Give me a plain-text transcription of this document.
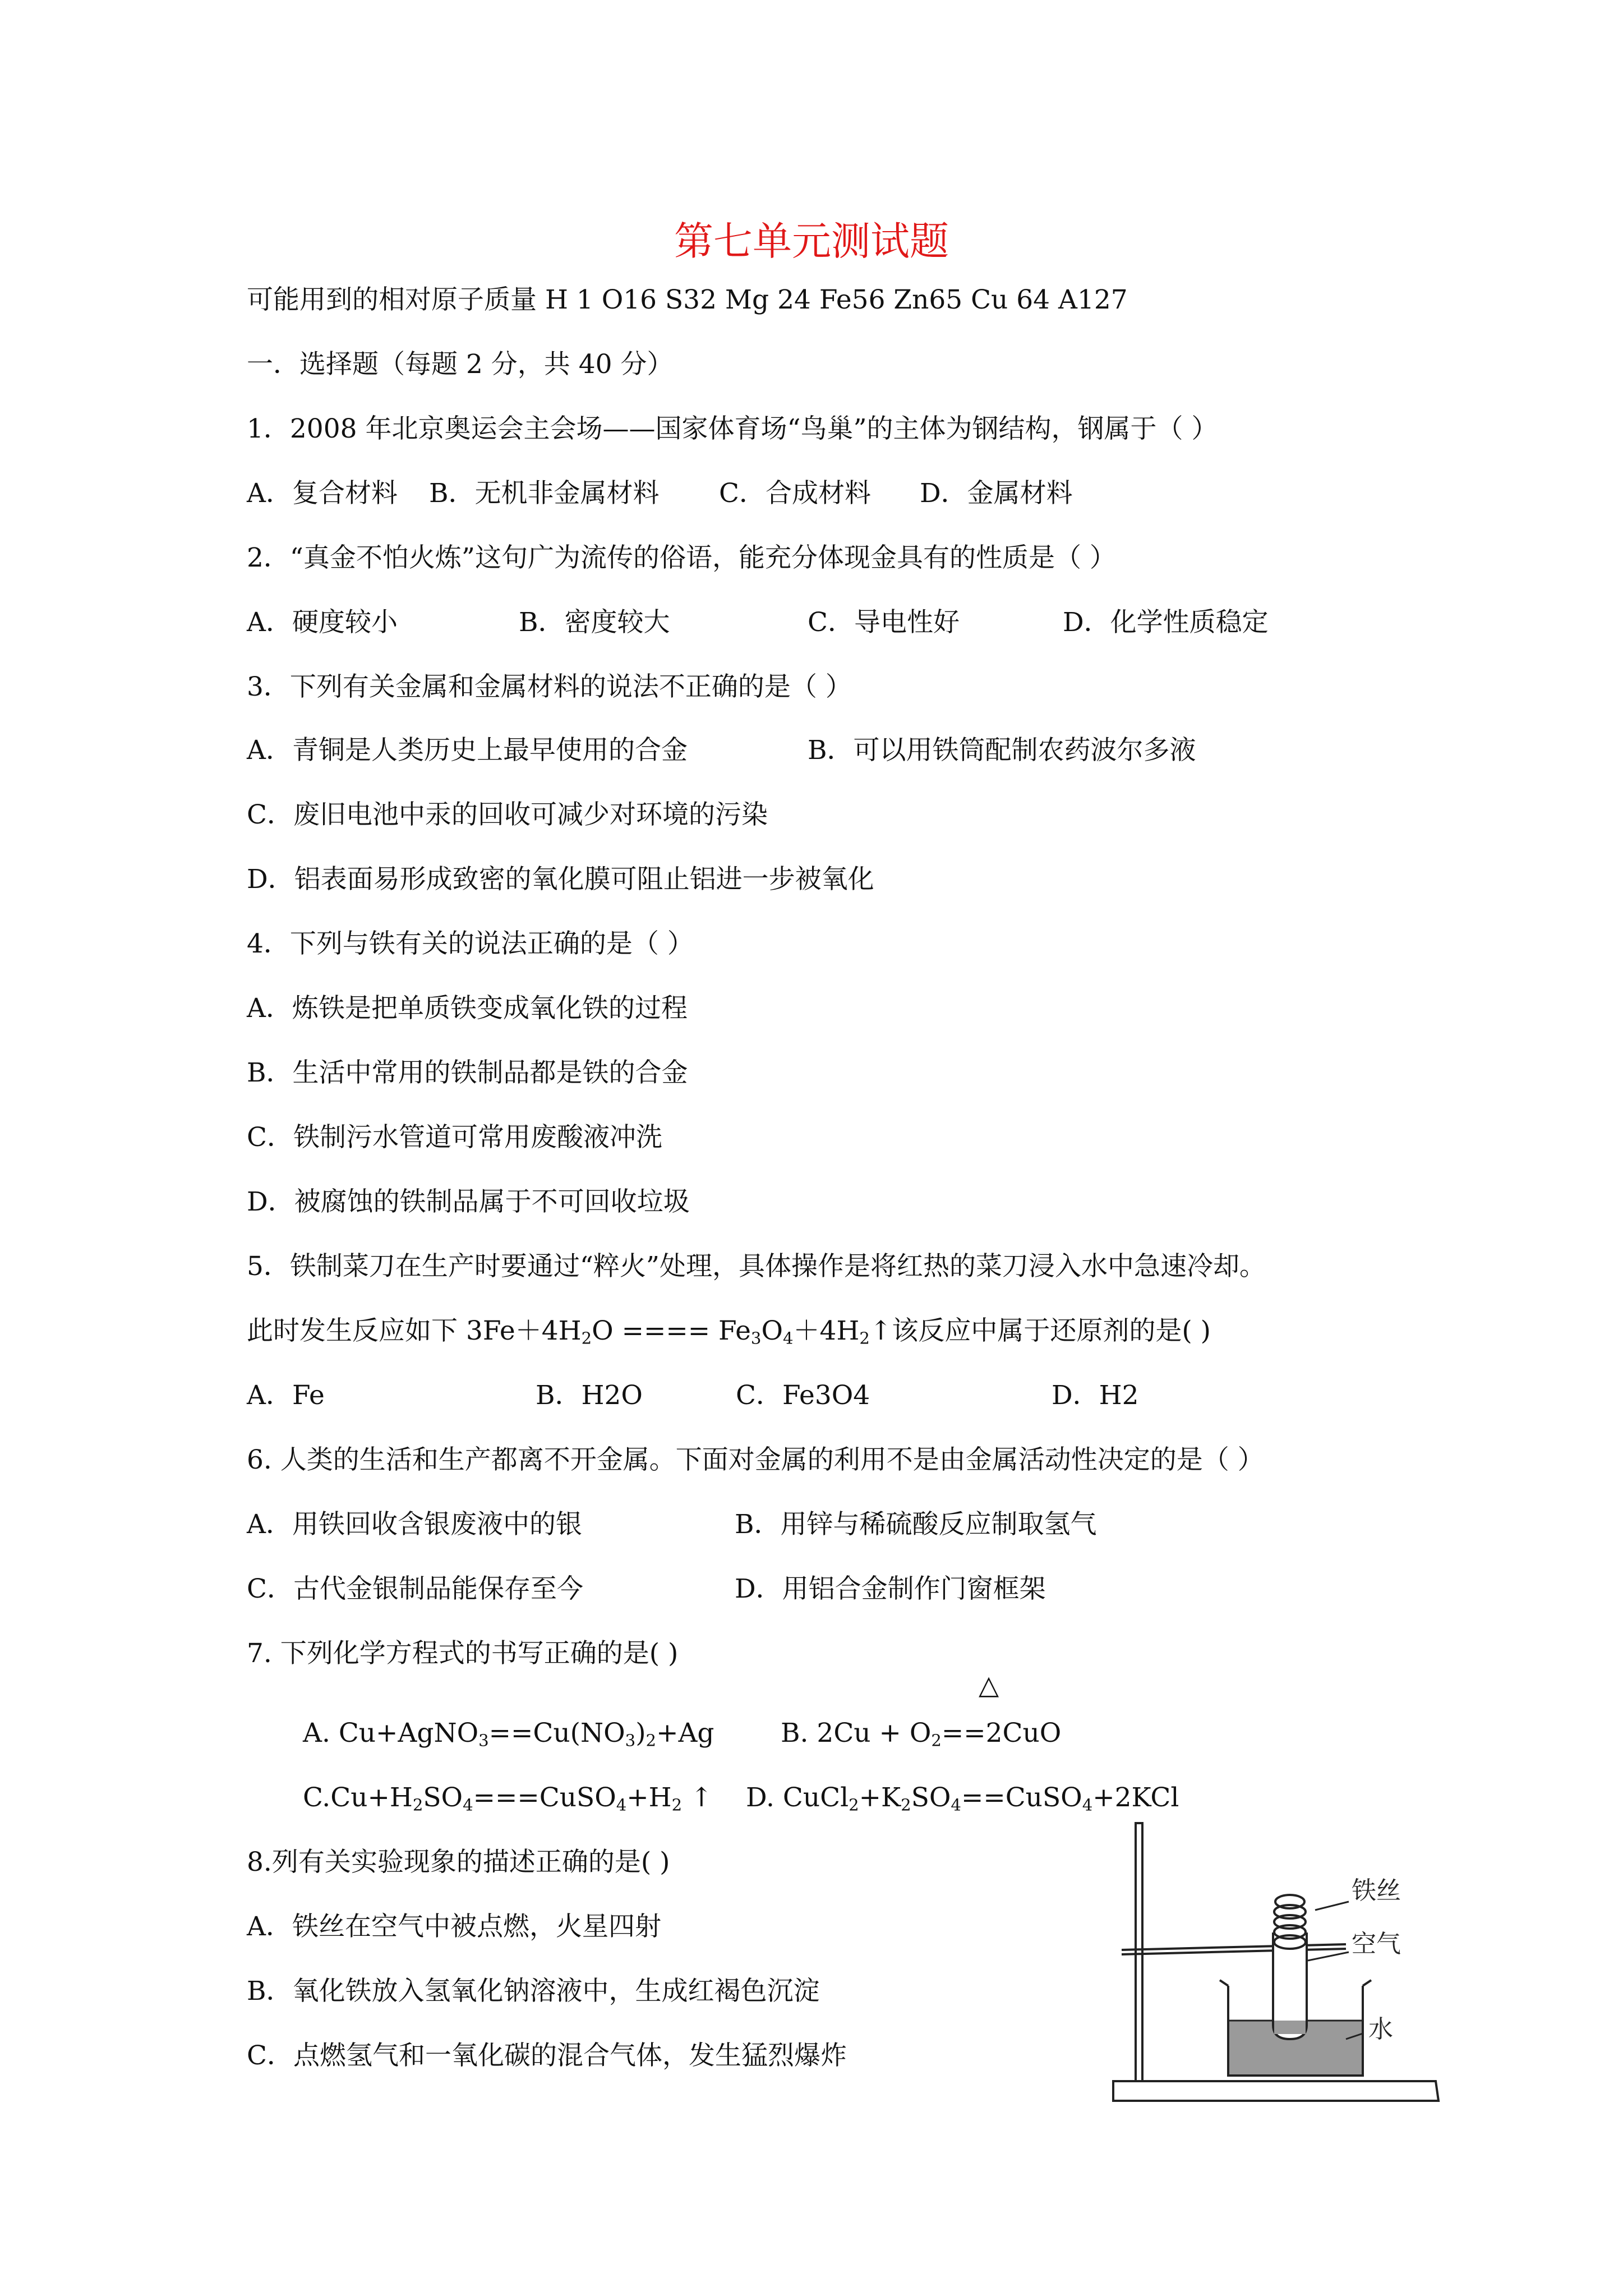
第七单元测试题
可能用到的相对原子质量 H 1 O16 S32 Mg 24 Fe56 Zn65 Cu 64 A127
一．选择题（每题 2 分，共 40 分）
1．2008 年北京奥运会主会场——国家体育场“鸟巢”的主体为钢结构，钢属于（ ）
A．复合材料 B．无机非金属材料 C．合成材料 D．金属材料
2．“真金不怕火炼”这句广为流传的俗语，能充分体现金具有的性质是（ ）
A．硬度较小	B．密度较大	C．导电性好	D．化学性质稳定
3．下列有关金属和金属材料的说法不正确的是（ ）
A．青铜是人类历史上最早使用的合金	B．可以用铁筒配制农药波尔多液
C．废旧电池中汞的回收可减少对环境的污染
D．铝表面易形成致密的氧化膜可阻止铝进一步被氧化
4．下列与铁有关的说法正确的是（ ）
A．炼铁是把单质铁变成氧化铁的过程
B．生活中常用的铁制品都是铁的合金
C．铁制污水管道可常用废酸液冲洗
D．被腐蚀的铁制品属于不可回收垃圾
5．铁制菜刀在生产时要通过“粹火”处理，具体操作是将红热的菜刀浸入水中急速冷却。
此时发生反应如下 $3Fe+4H_2O$ ==== $Fe_3O_4+4H_2↑$该反应中属于还原剂的是( )
A．Fe	B．H2O	C．Fe3O4	D．H2
6. 人类的生活和生产都离不开金属。下面对金属的利用不是由金属活动性决定的是（ ）
A．用铁回收含银废液中的银	B．用锌与稀硫酸反应制取氢气
C．古代金银制品能保存至今	D．用铝合金制作门窗框架
7. 下列化学方程式的书写正确的是( )
△
A. $Cu+AgNO_3==Cu(NO_3)_2+Ag$	B. $2Cu + O_2==2CuO$
$C.Cu+H_2SO_4===CuSO_4+H_2$ ↑ D. $CuCl_2+K_2SO_4==CuSO_4+2KCl$
8.列有关实验现象的描述正确的是( )
A．铁丝在空气中被点燃，火星四射
B．氧化铁放入氢氧化钠溶液中，生成红褐色沉淀
C．点燃氢气和一氧化碳的混合气体，发生猛烈爆炸
铁丝
空气
水
